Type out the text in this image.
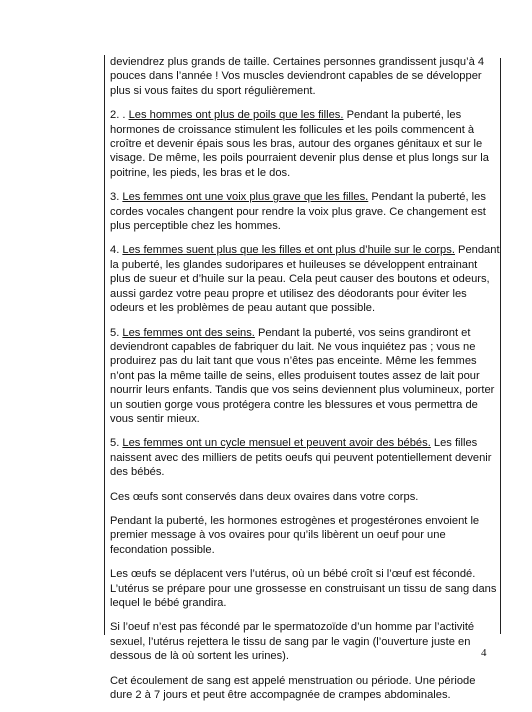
deviendrez plus grands de taille. Certaines personnes grandissent jusqu’à 4 pouces dans l’année ! Vos muscles deviendront capables de se développer plus si vous faites du sport régulièrement.

2. . Les hommes ont plus de poils que les filles. Pendant la puberté, les hormones de croissance stimulent les follicules et les poils commencent à croître et devenir épais sous les bras, autour des organes génitaux et sur le visage. De même, les poils pourraient devenir plus dense et plus longs sur la poitrine, les pieds, les bras et le dos.

3. Les femmes ont une voix plus grave que les filles. Pendant la puberté, les cordes vocales changent pour rendre la voix plus grave. Ce changement est plus perceptible chez les hommes.

4. Les femmes suent plus que les filles et ont plus d’huile sur le corps. Pendant la puberté, les glandes sudoripares et huileuses se développent entrainant plus de sueur et d’huile sur la peau. Cela peut causer des boutons et odeurs, aussi gardez votre peau propre et utilisez des déodorants pour éviter les odeurs et les problèmes de peau autant que possible.

5. Les femmes ont des seins. Pendant la puberté, vos seins grandiront et deviendront capables de fabriquer du lait. Ne vous inquiétez pas ; vous ne produirez pas du lait tant que vous n’êtes pas enceinte. Même les femmes n’ont pas la même taille de seins, elles produisent toutes assez de lait pour nourrir leurs enfants. Tandis que vos seins deviennent plus volumineux, porter un soutien gorge vous protégera contre les blessures et vous permettra de vous sentir mieux.

5. Les femmes ont un cycle mensuel et peuvent avoir des bébés. Les filles naissent avec des milliers de petits oeufs qui peuvent potentiellement devenir des bébés.

Ces œufs sont conservés dans deux ovaires dans votre corps.

Pendant la puberté, les hormones estrogènes et progestérones envoient le premier message à vos ovaires pour qu’ils libèrent un oeuf pour une fecondation possible.

Les œufs se déplacent vers l’utérus, où un bébé croît si l’œuf est fécondé. L’utérus se prépare pour une grossesse en construisant un tissu de sang dans lequel le bébé grandira.

Si l’oeuf n’est pas fécondé par le spermatozoïde d’un homme par l’activité sexuel, l’utérus rejettera le tissu de sang par le vagin (l’ouverture juste en dessous de là où sortent les urines).

Cet écoulement de sang est appelé menstruation ou période. Une période dure 2 à 7 jours et peut être accompagnée de crampes abdominales.

4
